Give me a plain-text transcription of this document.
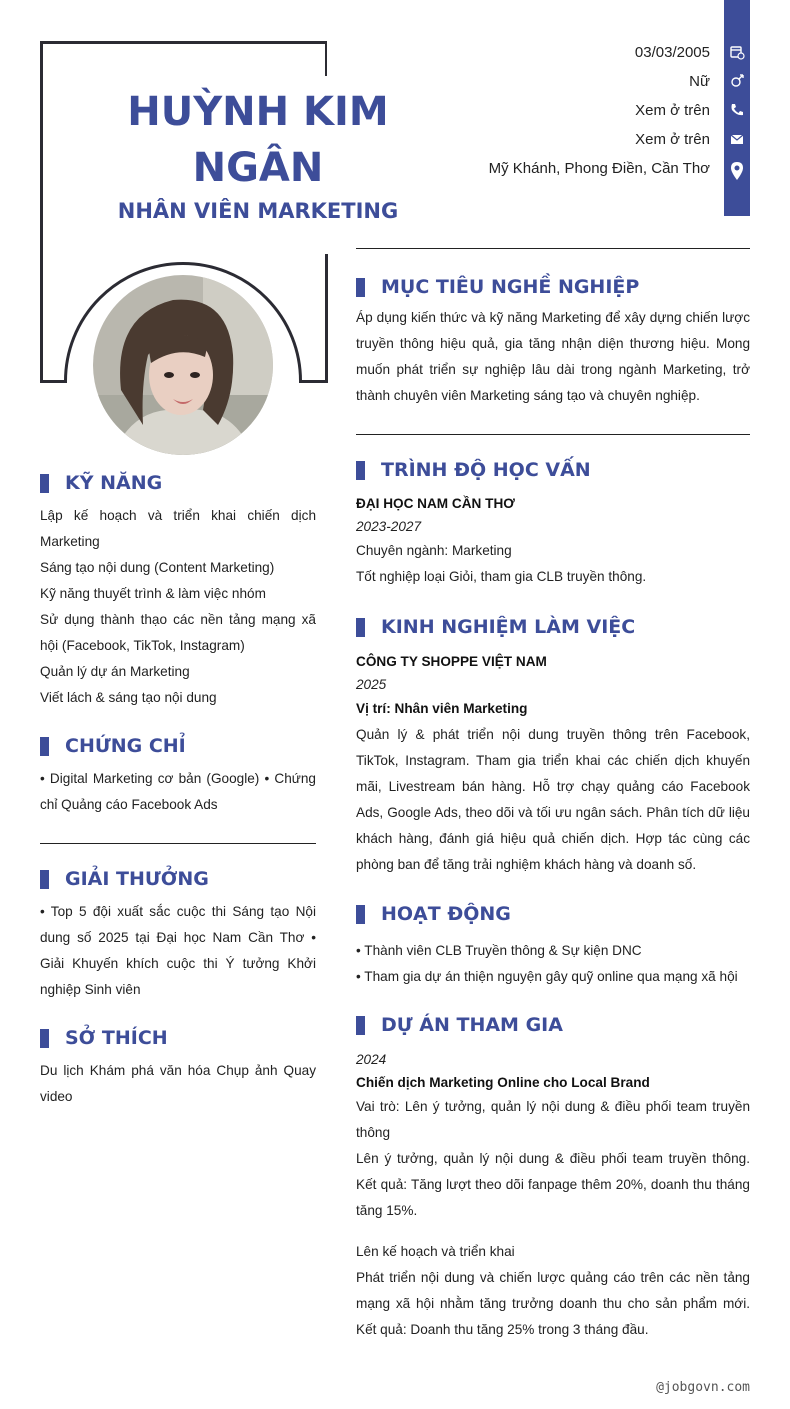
HUỲNH KIM
NGÂN
NHÂN VIÊN MARKETING
03/03/2005
Nữ
Xem ở trên
Xem ở trên
Mỹ Khánh, Phong Điền, Cần Thơ
KỸ NĂNG
Lập kế hoạch và triển khai chiến dịch Marketing
Sáng tạo nội dung (Content Marketing)
Kỹ năng thuyết trình & làm việc nhóm
Sử dụng thành thạo các nền tảng mạng xã hội (Facebook, TikTok, Instagram)
Quản lý dự án Marketing
Viết lách & sáng tạo nội dung
CHỨNG CHỈ
• Digital Marketing cơ bản (Google) • Chứng chỉ Quảng cáo Facebook Ads
GIẢI THƯỞNG
• Top 5 đội xuất sắc cuộc thi Sáng tạo Nội dung số 2025 tại Đại học Nam Cần Thơ • Giải Khuyến khích cuộc thi Ý tưởng Khởi nghiệp Sinh viên
SỞ THÍCH
Du lịch Khám phá văn hóa Chụp ảnh Quay video
MỤC TIÊU NGHỀ NGHIỆP
Áp dụng kiến thức và kỹ năng Marketing để xây dựng chiến lược truyền thông hiệu quả, gia tăng nhận diện thương hiệu. Mong muốn phát triển sự nghiệp lâu dài trong ngành Marketing, trở thành chuyên viên Marketing sáng tạo và chuyên nghiệp.
TRÌNH ĐỘ HỌC VẤN
ĐẠI HỌC NAM CẦN THƠ
2023-2027
Chuyên ngành: Marketing
Tốt nghiệp loại Giỏi, tham gia CLB truyền thông.
KINH NGHIỆM LÀM VIỆC
CÔNG TY SHOPPE VIỆT NAM
2025
Vị trí: Nhân viên Marketing
Quản lý & phát triển nội dung truyền thông trên Facebook, TikTok, Instagram. Tham gia triển khai các chiến dịch khuyến mãi, Livestream bán hàng. Hỗ trợ chạy quảng cáo Facebook Ads, Google Ads, theo dõi và tối ưu ngân sách. Phân tích dữ liệu khách hàng, đánh giá hiệu quả chiến dịch. Hợp tác cùng các phòng ban để tăng trải nghiệm khách hàng và doanh số.
HOẠT ĐỘNG
• Thành viên CLB Truyền thông & Sự kiện DNC
• Tham gia dự án thiện nguyện gây quỹ online qua mạng xã hội
DỰ ÁN THAM GIA
2024
Chiến dịch Marketing Online cho Local Brand
Vai trò: Lên ý tưởng, quản lý nội dung & điều phối team truyền thông
Lên ý tưởng, quản lý nội dung & điều phối team truyền thông. Kết quả: Tăng lượt theo dõi fanpage thêm 20%, doanh thu tháng tăng 15%.
Lên kế hoạch và triển khai
Phát triển nội dung và chiến lược quảng cáo trên các nền tảng mạng xã hội nhằm tăng trưởng doanh thu cho sản phẩm mới. Kết quả: Doanh thu tăng 25% trong 3 tháng đầu.
@jobgovn.com
